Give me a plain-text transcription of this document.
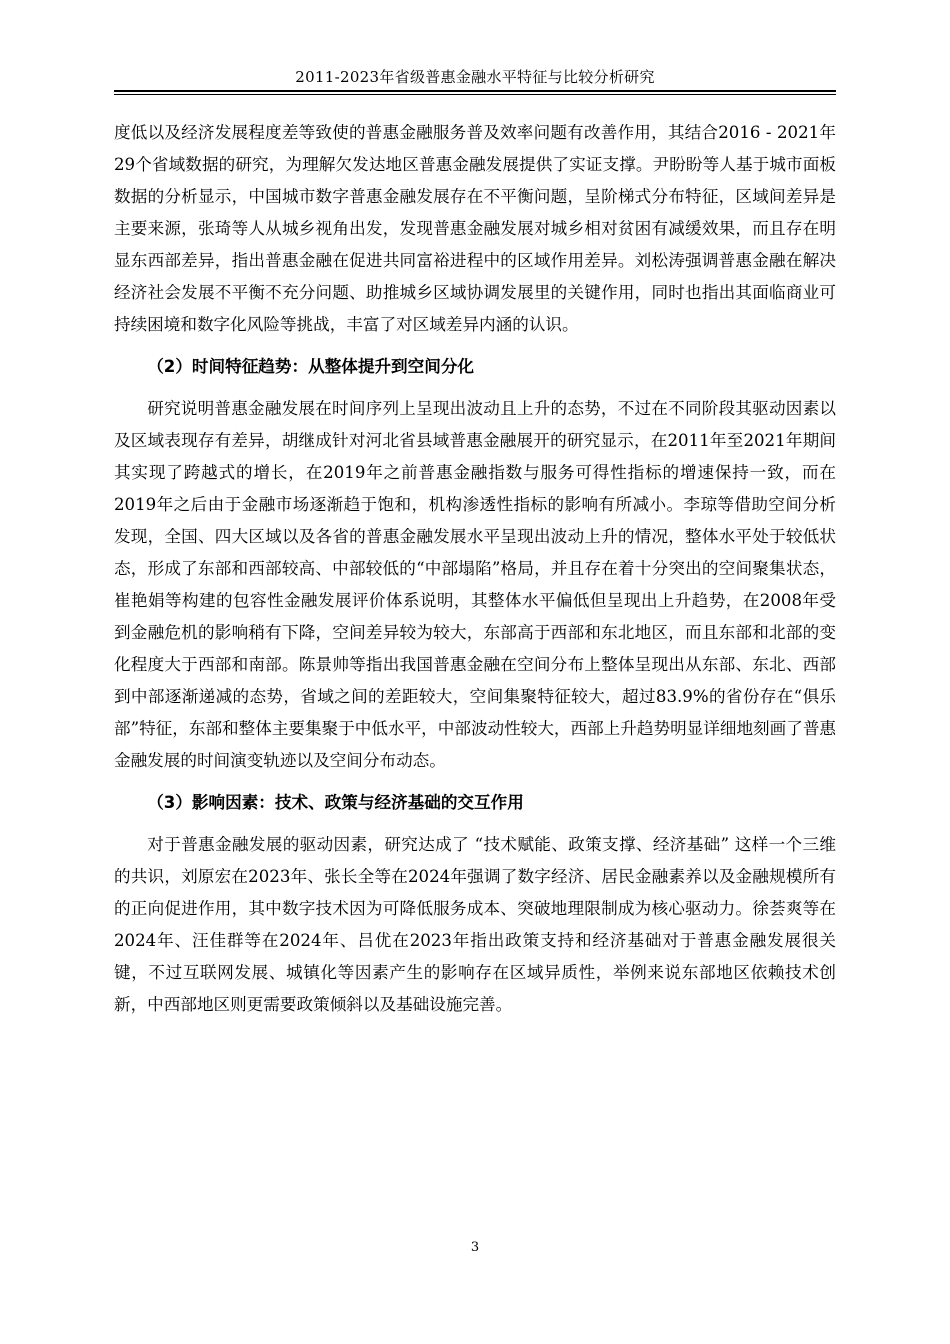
2011-2023年省级普惠金融水平特征与比较分析研究

度低以及经济发展程度差等致使的普惠金融服务普及效率问题有改善作用，其结合2016 - 2021年29个省域数据的研究，为理解欠发达地区普惠金融发展提供了实证支撑。尹盼盼等人基于城市面板数据的分析显示，中国城市数字普惠金融发展存在不平衡问题，呈阶梯式分布特征，区域间差异是主要来源，张琦等人从城乡视角出发，发现普惠金融发展对城乡相对贫困有减缓效果，而且存在明显东西部差异，指出普惠金融在促进共同富裕进程中的区域作用差异。刘松涛强调普惠金融在解决经济社会发展不平衡不充分问题、助推城乡区域协调发展里的关键作用，同时也指出其面临商业可持续困境和数字化风险等挑战，丰富了对区域差异内涵的认识。

（2）时间特征趋势：从整体提升到空间分化

研究说明普惠金融发展在时间序列上呈现出波动且上升的态势，不过在不同阶段其驱动因素以及区域表现存有差异，胡继成针对河北省县域普惠金融展开的研究显示，在2011年至2021年期间其实现了跨越式的增长，在2019年之前普惠金融指数与服务可得性指标的增速保持一致，而在2019年之后由于金融市场逐渐趋于饱和，机构渗透性指标的影响有所减小。李琼等借助空间分析发现，全国、四大区域以及各省的普惠金融发展水平呈现出波动上升的情况，整体水平处于较低状态，形成了东部和西部较高、中部较低的“中部塌陷”格局，并且存在着十分突出的空间聚集状态，崔艳娟等构建的包容性金融发展评价体系说明，其整体水平偏低但呈现出上升趋势，在2008年受到金融危机的影响稍有下降，空间差异较为较大，东部高于西部和东北地区，而且东部和北部的变化程度大于西部和南部。陈景帅等指出我国普惠金融在空间分布上整体呈现出从东部、东北、西部到中部逐渐递减的态势，省域之间的差距较大，空间集聚特征较大，超过83.9%的省份存在“俱乐部”特征，东部和整体主要集聚于中低水平，中部波动性较大，西部上升趋势明显详细地刻画了普惠金融发展的时间演变轨迹以及空间分布动态。

（3）影响因素：技术、政策与经济基础的交互作用

对于普惠金融发展的驱动因素，研究达成了 “技术赋能、政策支撑、经济基础” 这样一个三维的共识，刘原宏在2023年、张长全等在2024年强调了数字经济、居民金融素养以及金融规模所有的正向促进作用，其中数字技术因为可降低服务成本、突破地理限制成为核心驱动力。徐荟爽等在2024年、汪佳群等在2024年、吕优在2023年指出政策支持和经济基础对于普惠金融发展很关键，不过互联网发展、城镇化等因素产生的影响存在区域异质性，举例来说东部地区依赖技术创新，中西部地区则更需要政策倾斜以及基础设施完善。

3
